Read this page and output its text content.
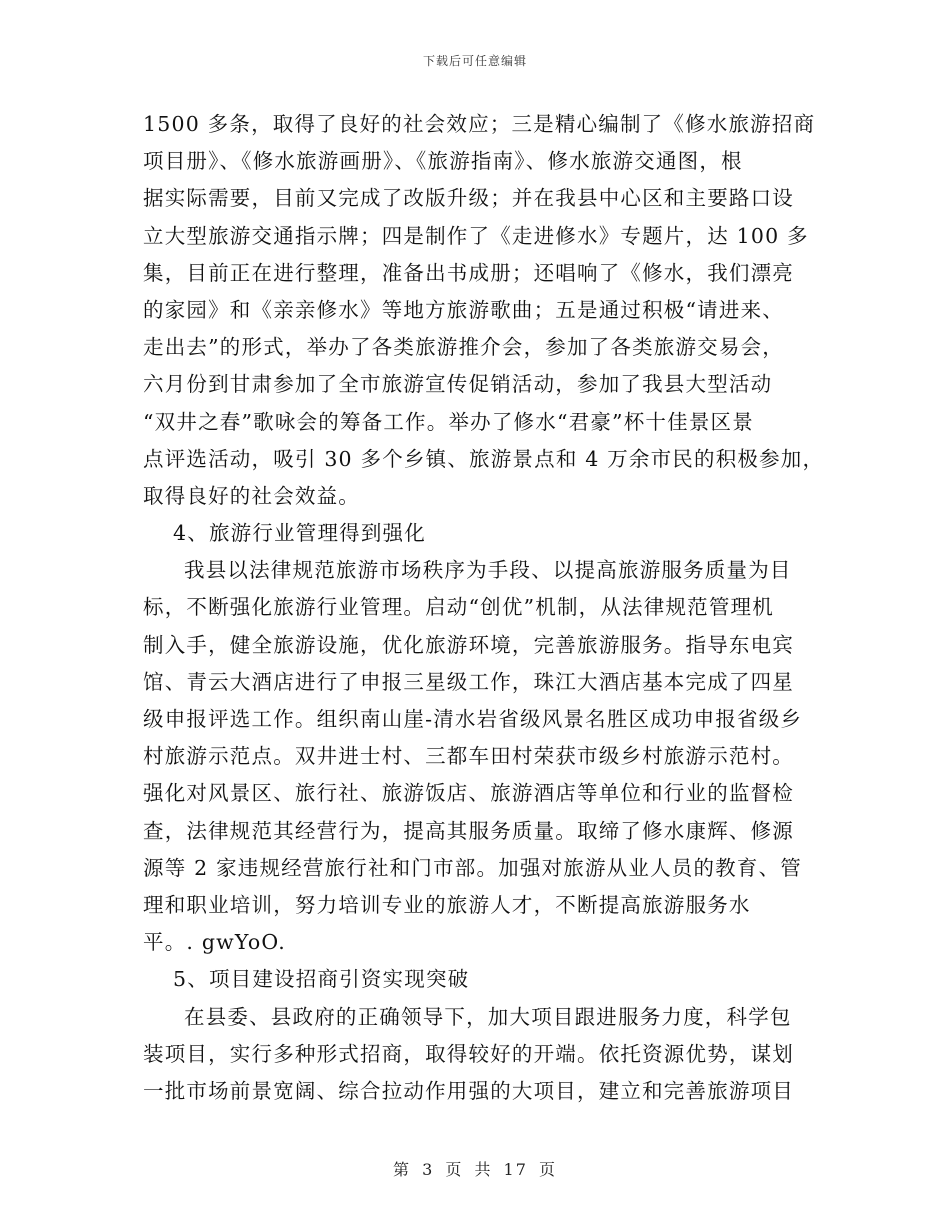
下载后可任意编辑
1500 多条，取得了良好的社会效应；三是精心编制了《修水旅游招商
项目册》、《修水旅游画册》、《旅游指南》、修水旅游交通图，根
据实际需要，目前又完成了改版升级；并在我县中心区和主要路口设
立大型旅游交通指示牌；四是制作了《走进修水》专题片，达 100 多
集，目前正在进行整理，准备出书成册；还唱响了《修水，我们漂亮
的家园》和《亲亲修水》等地方旅游歌曲；五是通过积极“请进来、
走出去”的形式，举办了各类旅游推介会，参加了各类旅游交易会，
六月份到甘肃参加了全市旅游宣传促销活动，参加了我县大型活动
“双井之春”歌咏会的筹备工作。举办了修水“君豪”杯十佳景区景
点评选活动，吸引 30 多个乡镇、旅游景点和 4 万余市民的积极参加，
取得良好的社会效益。
4、旅游行业管理得到强化
我县以法律规范旅游市场秩序为手段、以提高旅游服务质量为目
标，不断强化旅游行业管理。启动“创优”机制，从法律规范管理机
制入手，健全旅游设施，优化旅游环境，完善旅游服务。指导东电宾
馆、青云大酒店进行了申报三星级工作，珠江大酒店基本完成了四星
级申报评选工作。组织南山崖-清水岩省级风景名胜区成功申报省级乡
村旅游示范点。双井进士村、三都车田村荣获市级乡村旅游示范村。
强化对风景区、旅行社、旅游饭店、旅游酒店等单位和行业的监督检
查，法律规范其经营行为，提高其服务质量。取缔了修水康辉、修源
源等 2 家违规经营旅行社和门市部。加强对旅游从业人员的教育、管
理和职业培训，努力培训专业的旅游人才，不断提高旅游服务水
平。. gwYoO.
5、项目建设招商引资实现突破
在县委、县政府的正确领导下，加大项目跟进服务力度，科学包
装项目，实行多种形式招商，取得较好的开端。依托资源优势，谋划
一批市场前景宽阔、综合拉动作用强的大项目，建立和完善旅游项目
第 3 页 共 17 页
